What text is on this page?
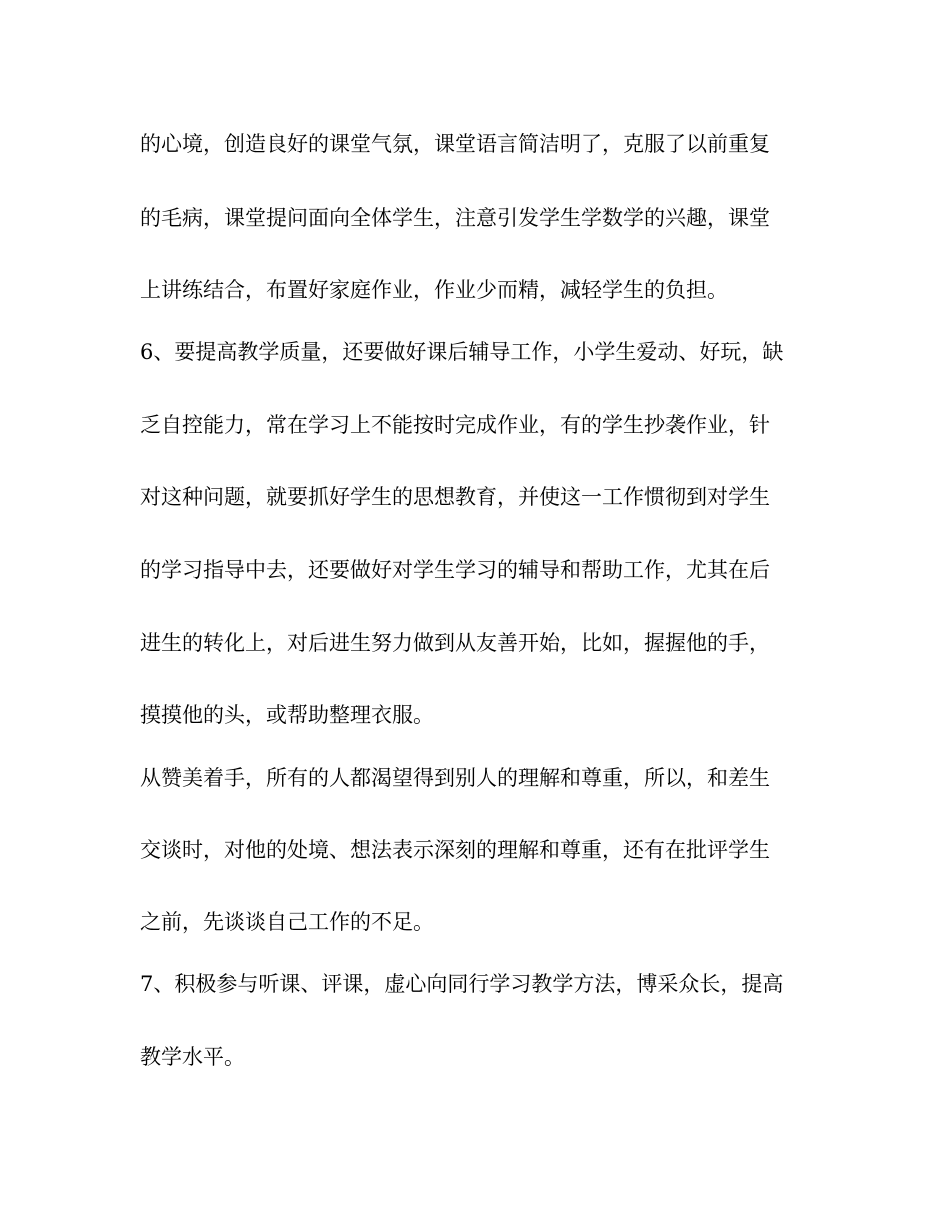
的心境，创造良好的课堂气氛，课堂语言简洁明了，克服了以前重复
的毛病，课堂提问面向全体学生，注意引发学生学数学的兴趣，课堂
上讲练结合，布置好家庭作业，作业少而精，减轻学生的负担。
6、要提高教学质量，还要做好课后辅导工作，小学生爱动、好玩，缺
乏自控能力，常在学习上不能按时完成作业，有的学生抄袭作业，针
对这种问题，就要抓好学生的思想教育，并使这一工作惯彻到对学生
的学习指导中去，还要做好对学生学习的辅导和帮助工作，尤其在后
进生的转化上，对后进生努力做到从友善开始，比如，握握他的手，
摸摸他的头，或帮助整理衣服。
从赞美着手，所有的人都渴望得到别人的理解和尊重，所以，和差生
交谈时，对他的处境、想法表示深刻的理解和尊重，还有在批评学生
之前，先谈谈自己工作的不足。
7、积极参与听课、评课，虚心向同行学习教学方法，博采众长，提高
教学水平。
